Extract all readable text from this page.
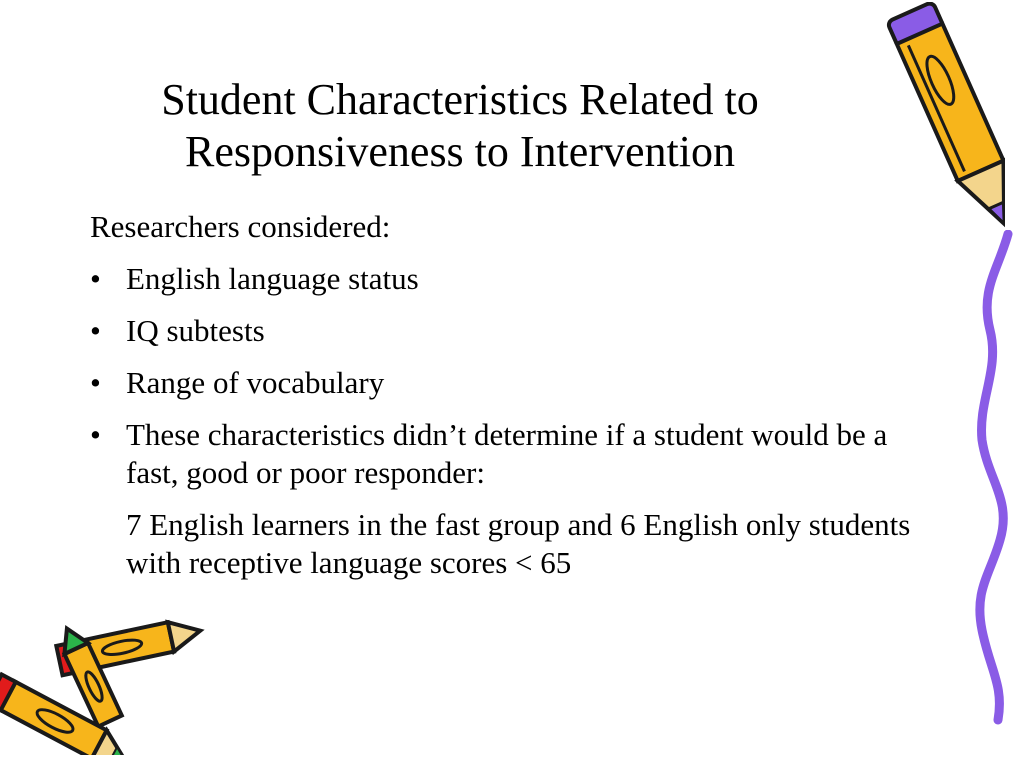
Student Characteristics Related to
Responsiveness to Intervention

Researchers considered:

• English language status
• IQ subtests
• Range of vocabulary
• These characteristics didn’t determine if a student would be a fast, good or poor responder:

7 English learners in the fast group and 6 English only students with receptive language scores < 65
